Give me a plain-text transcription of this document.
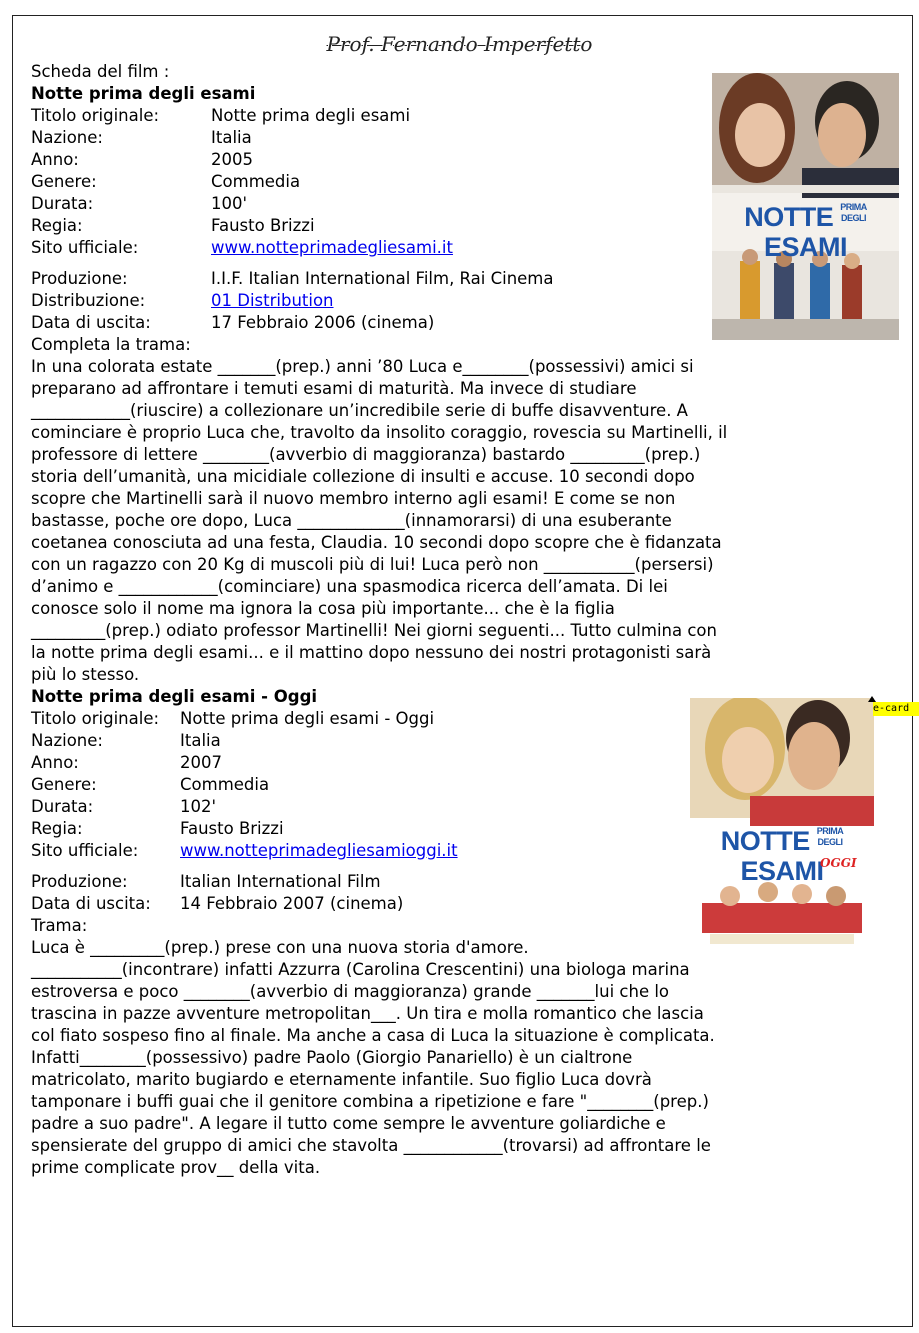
Prof. Fernando Imperfetto
Scheda del film :
Notte prima degli esami
Titolo originale:	Notte prima degli esami
Nazione:	Italia
Anno:	2005
Genere:	Commedia
Durata:	100'
Regia:	Fausto Brizzi
Sito ufficiale:	www.notteprimadegliesami.it
Produzione:	I.I.F. Italian International Film, Rai Cinema
Distribuzione:	01 Distribution
Data di uscita:	17 Febbraio 2006 (cinema)
Completa la trama:
In una colorata estate _______(prep.) anni ’80 Luca e________(possessivi) amici si
preparano ad affrontare i temuti esami di maturità. Ma invece di studiare
____________(riuscire) a collezionare un’incredibile serie di buffe disavventure. A
cominciare è proprio Luca che, travolto da insolito coraggio, rovescia su Martinelli, il
professore di lettere ________(avverbio di maggioranza) bastardo _________(prep.)
storia dell’umanità, una micidiale collezione di insulti e accuse. 10 secondi dopo
scopre che Martinelli sarà il nuovo membro interno agli esami! E come se non
bastasse, poche ore dopo, Luca _____________(innamorarsi) di una esuberante
coetanea conosciuta ad una festa, Claudia. 10 secondi dopo scopre che è fidanzata
con un ragazzo con 20 Kg di muscoli più di lui! Luca però non ___________(persersi)
d’animo e ____________(cominciare) una spasmodica ricerca dell’amata. Di lei
conosce solo il nome ma ignora la cosa più importante... che è la figlia
_________(prep.) odiato professor Martinelli! Nei giorni seguenti... Tutto culmina con
la notte prima degli esami... e il mattino dopo nessuno dei nostri protagonisti sarà
più lo stesso.
Notte prima degli esami - Oggi
Titolo originale: Notte prima degli esami - Oggi
Nazione:	Italia
Anno:	2007
Genere:	Commedia
Durata:	102'
Regia:	Fausto Brizzi
Sito ufficiale:	www.notteprimadegliesamioggi.it
Produzione:	Italian International Film
Data di uscita: 14 Febbraio 2007 (cinema)
Trama:
Luca è _________(prep.) prese con una nuova storia d'amore.
___________(incontrare) infatti Azzurra (Carolina Crescentini) una biologa marina
estroversa e poco ________(avverbio di maggioranza) grande _______lui che lo
trascina in pazze avventure metropolitan___. Un tira e molla romantico che lascia
col fiato sospeso fino al finale. Ma anche a casa di Luca la situazione è complicata.
Infatti________(possessivo) padre Paolo (Giorgio Panariello) è un cialtrone
matricolato, marito bugiardo e eternamente infantile. Suo figlio Luca dovrà
tamponare i buffi guai che il genitore combina a ripetizione e fare "________(prep.)
padre a suo padre". A legare il tutto come sempre le avventure goliardiche e
spensierate del gruppo di amici che stavolta ____________(trovarsi) ad affrontare le
prime complicate prov__ della vita.
NOTTE PRIMA
DEGLI ESAMI
NOTTE PRIMA
DEGLI ESAMI
OGGI
e-card
